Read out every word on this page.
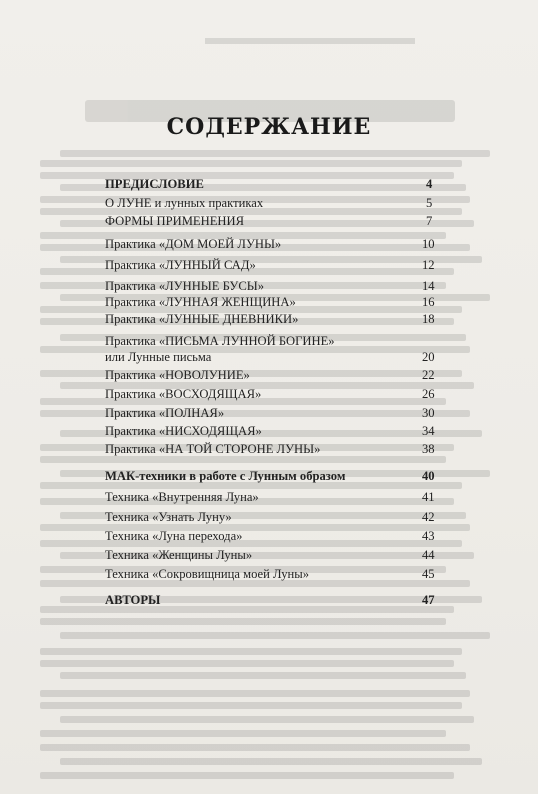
СОДЕРЖАНИЕ
ПРЕДИСЛОВИЕ	4
О ЛУНЕ и лунных практиках	5
ФОРМЫ ПРИМЕНЕНИЯ	7
Практика «ДОМ МОЕЙ ЛУНЫ»	10
Практика «ЛУННЫЙ САД»	12
Практика «ЛУННЫЕ БУСЫ»	14
Практика «ЛУННАЯ ЖЕНЩИНА»	16
Практика «ЛУННЫЕ ДНЕВНИКИ»	18
Практика «ПИСЬМА ЛУННОЙ БОГИНЕ»
или Лунные письма	20
Практика «НОВОЛУНИЕ»	22
Практика «ВОСХОДЯЩАЯ»	26
Практика «ПОЛНАЯ»	30
Практика «НИСХОДЯЩАЯ»	34
Практика «НА ТОЙ СТОРОНЕ ЛУНЫ»	38
МАК-техники в работе с Лунным образом	40
Техника «Внутренняя Луна»	41
Техника «Узнать Луну»	42
Техника «Луна перехода»	43
Техника «Женщины Луны»	44
Техника «Сокровищница моей Луны»	45
АВТОРЫ	47
